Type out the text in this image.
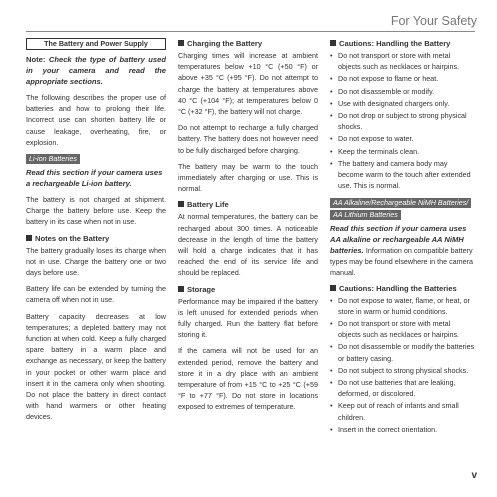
For Your Safety
The Battery and Power Supply

Note: Check the type of battery used in your camera and read the appropriate sections.

The following describes the proper use of batteries and how to prolong their life. Incorrect use can shorten battery life or cause leakage, overheating, fire, or explosion.

Li-ion Batteries

Read this section if your camera uses a rechargeable Li-ion battery.

The battery is not charged at shipment. Charge the battery before use. Keep the battery in its case when not in use.

Notes on the Battery

The battery gradually loses its charge when not in use. Charge the battery one or two days before use.

Battery life can be extended by turning the camera off when not in use.

Battery capacity decreases at low temperatures; a depleted battery may not function at when cold. Keep a fully charged spare battery in a warm place and exchange as necessary, or keep the battery in your pocket or other warm place and insert it in the camera only when shooting. Do not place the battery in direct contact with hand warmers or other heating devices.

Charging the Battery

Charging times will increase at ambient temperatures below +10 °C (+50 °F) or above +35 °C (+95 °F). Do not attempt to charge the battery at temperatures above 40 °C (+104 °F); at temperatures below 0 °C (+32 °F), the battery will not charge.

Do not attempt to recharge a fully charged battery. The battery does not however need to be fully discharged before charging.

The battery may be warm to the touch immediately after charging or use. This is normal.

Battery Life

At normal temperatures, the battery can be recharged about 300 times. A noticeable decrease in the length of time the battery will hold a charge indicates that it has reached the end of its service life and should be replaced.

Storage

Performance may be impaired if the battery is left unused for extended periods when fully charged. Run the battery flat before storing it.

If the camera will not be used for an extended period, remove the battery and store it in a dry place with an ambient temperature of from +15 °C to +25 °C (+59 °F to +77 °F). Do not store in locations exposed to extremes of temperature.

Cautions: Handling the Battery
• Do not transport or store with metal objects such as necklaces or hairpins.
• Do not expose to flame or heat.
• Do not disassemble or modify.
• Use with designated chargers only.
• Do not drop or subject to strong physical shocks.
• Do not expose to water.
• Keep the terminals clean.
• The battery and camera body may become warm to the touch after extended use. This is normal.
AA Alkaline/Rechargeable NiMH Batteries/
AA Lithium Batteries

Read this section if your camera uses AA alkaline or rechargeable AA NiMH batteries. Information on compatible battery types may be found elsewhere in the camera manual.

Cautions: Handling the Batteries
• Do not expose to water, flame, or heat, or store in warm or humid conditions.
• Do not transport or store with metal objects such as necklaces or hairpins.
• Do not disassemble or modify the batteries or battery casing.
• Do not subject to strong physical shocks.
• Do not use batteries that are leaking, deformed, or discolored.
• Keep out of reach of infants and small children.
• Insert in the correct orientation.
v
